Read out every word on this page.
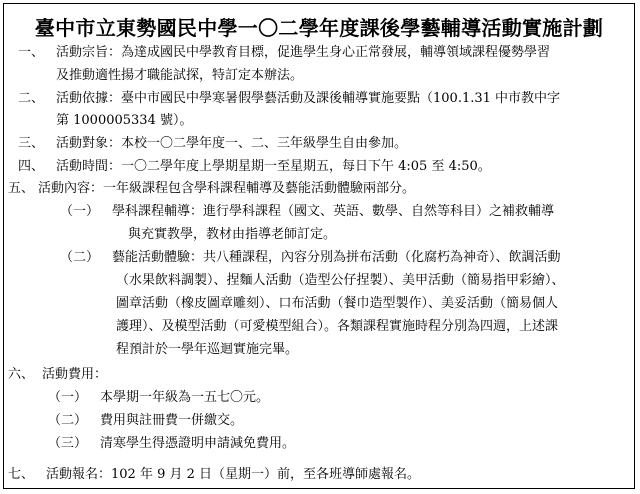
臺中市立東勢國民中學一〇二學年度課後學藝輔導活動實施計劃
一、 活動宗旨：為達成國民中學教育目標，促進學生身心正常發展，輔導領域課程優勢學習
及推動適性揚才職能試探，特訂定本辦法。
二、 活動依據：臺中市國民中學寒暑假學藝活動及課後輔導實施要點（100.1.31 中市教中字
第 1000005334 號）。
三、 活動對象：本校一〇二學年度一、二、三年級學生自由參加。
四、 活動時間：一〇二學年度上學期星期一至星期五，每日下午 4:05 至 4:50。
五、 活動內容：一年級課程包含學科課程輔導及藝能活動體驗兩部分。
（一） 學科課程輔導：進行學科課程（國文、英語、數學、自然等科目）之補救輔導
與充實教學，教材由指導老師訂定。
（二） 藝能活動體驗：共八種課程，內容分別為拼布活動（化腐朽為神奇）、飲調活動
（水果飲料調製）、捏麵人活動（造型公仔捏製）、美甲活動（簡易指甲彩繪）、
圖章活動（橡皮圖章雕刻）、口布活動（餐巾造型製作）、美妥活動（簡易個人
護理）、及模型活動（可愛模型組合）。各類課程實施時程分別為四週，上述課
程預計於一學年巡迴實施完畢。
六、 活動費用：
（一） 本學期一年級為一五七〇元。
（二） 費用與註冊費一併繳交。
（三） 清寒學生得憑證明申請減免費用。
七、 活動報名：102 年 9 月 2 日（星期一）前，至各班導師處報名。
